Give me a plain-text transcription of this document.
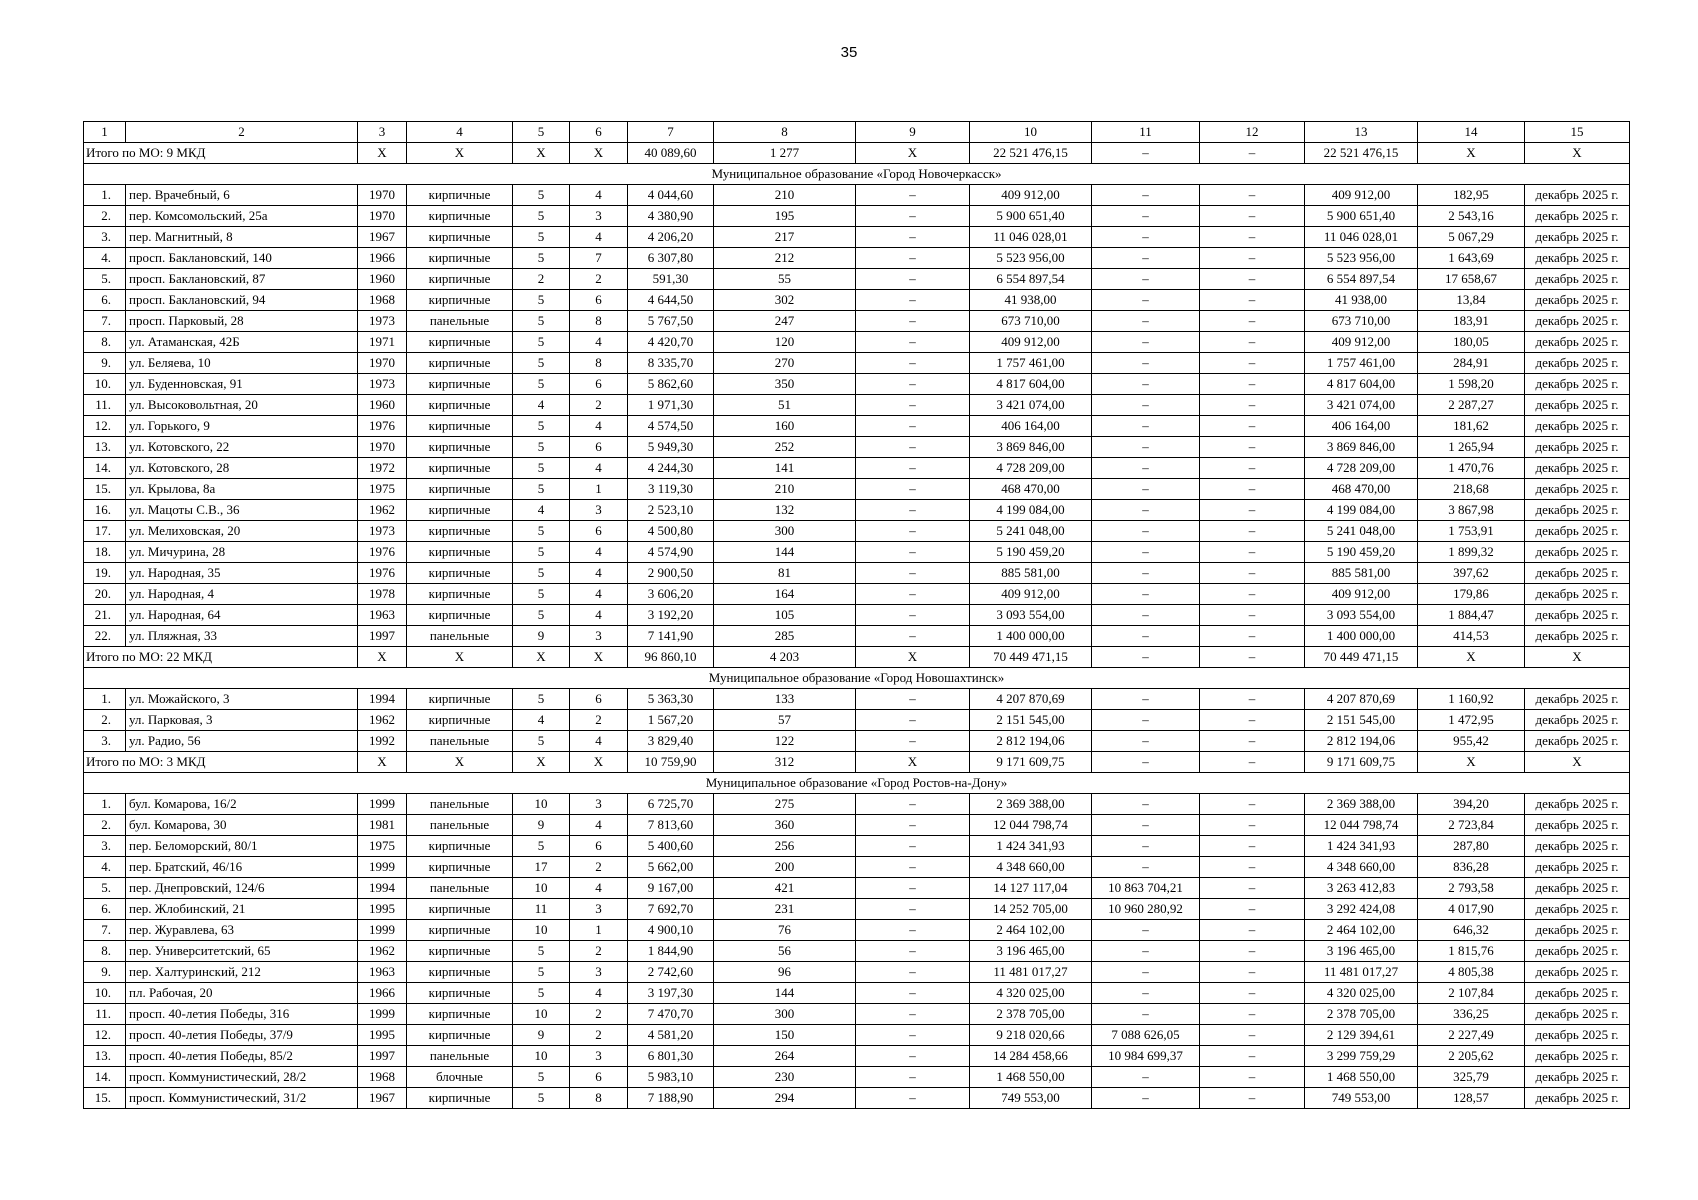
35
1	2	3	4	5	6	7	8	9	10	11	12	13	14	15
Итого по МО: 9 МКД		X	X	X	X	40 089,60	1 277	X	22 521 476,15	–	–	22 521 476,15	X	X
Муниципальное образование «Город Новочеркасск»														
1.	пер. Врачебный, 6	1970	кирпичные	5	4	4 044,60	210	–	409 912,00	–	–	409 912,00	182,95	декабрь 2025 г.
2.	пер. Комсомольский, 25а	1970	кирпичные	5	3	4 380,90	195	–	5 900 651,40	–	–	5 900 651,40	2 543,16	декабрь 2025 г.
3.	пер. Магнитный, 8	1967	кирпичные	5	4	4 206,20	217	–	11 046 028,01	–	–	11 046 028,01	5 067,29	декабрь 2025 г.
4.	просп. Баклановский, 140	1966	кирпичные	5	7	6 307,80	212	–	5 523 956,00	–	–	5 523 956,00	1 643,69	декабрь 2025 г.
5.	просп. Баклановский, 87	1960	кирпичные	2	2	591,30	55	–	6 554 897,54	–	–	6 554 897,54	17 658,67	декабрь 2025 г.
6.	просп. Баклановский, 94	1968	кирпичные	5	6	4 644,50	302	–	41 938,00	–	–	41 938,00	13,84	декабрь 2025 г.
7.	просп. Парковый, 28	1973	панельные	5	8	5 767,50	247	–	673 710,00	–	–	673 710,00	183,91	декабрь 2025 г.
8.	ул. Атаманская, 42Б	1971	кирпичные	5	4	4 420,70	120	–	409 912,00	–	–	409 912,00	180,05	декабрь 2025 г.
9.	ул. Беляева, 10	1970	кирпичные	5	8	8 335,70	270	–	1 757 461,00	–	–	1 757 461,00	284,91	декабрь 2025 г.
10.	ул. Буденновская, 91	1973	кирпичные	5	6	5 862,60	350	–	4 817 604,00	–	–	4 817 604,00	1 598,20	декабрь 2025 г.
11.	ул. Высоковольтная, 20	1960	кирпичные	4	2	1 971,30	51	–	3 421 074,00	–	–	3 421 074,00	2 287,27	декабрь 2025 г.
12.	ул. Горького, 9	1976	кирпичные	5	4	4 574,50	160	–	406 164,00	–	–	406 164,00	181,62	декабрь 2025 г.
13.	ул. Котовского, 22	1970	кирпичные	5	6	5 949,30	252	–	3 869 846,00	–	–	3 869 846,00	1 265,94	декабрь 2025 г.
14.	ул. Котовского, 28	1972	кирпичные	5	4	4 244,30	141	–	4 728 209,00	–	–	4 728 209,00	1 470,76	декабрь 2025 г.
15.	ул. Крылова, 8а	1975	кирпичные	5	1	3 119,30	210	–	468 470,00	–	–	468 470,00	218,68	декабрь 2025 г.
16.	ул. Мацоты С.В., 36	1962	кирпичные	4	3	2 523,10	132	–	4 199 084,00	–	–	4 199 084,00	3 867,98	декабрь 2025 г.
17.	ул. Мелиховская, 20	1973	кирпичные	5	6	4 500,80	300	–	5 241 048,00	–	–	5 241 048,00	1 753,91	декабрь 2025 г.
18.	ул. Мичурина, 28	1976	кирпичные	5	4	4 574,90	144	–	5 190 459,20	–	–	5 190 459,20	1 899,32	декабрь 2025 г.
19.	ул. Народная, 35	1976	кирпичные	5	4	2 900,50	81	–	885 581,00	–	–	885 581,00	397,62	декабрь 2025 г.
20.	ул. Народная, 4	1978	кирпичные	5	4	3 606,20	164	–	409 912,00	–	–	409 912,00	179,86	декабрь 2025 г.
21.	ул. Народная, 64	1963	кирпичные	5	4	3 192,20	105	–	3 093 554,00	–	–	3 093 554,00	1 884,47	декабрь 2025 г.
22.	ул. Пляжная, 33	1997	панельные	9	3	7 141,90	285	–	1 400 000,00	–	–	1 400 000,00	414,53	декабрь 2025 г.
Итого по МО: 22 МКД		X	X	X	X	96 860,10	4 203	X	70 449 471,15	–	–	70 449 471,15	X	X
Муниципальное образование «Город Новошахтинск»														
1.	ул. Можайского, 3	1994	кирпичные	5	6	5 363,30	133	–	4 207 870,69	–	–	4 207 870,69	1 160,92	декабрь 2025 г.
2.	ул. Парковая, 3	1962	кирпичные	4	2	1 567,20	57	–	2 151 545,00	–	–	2 151 545,00	1 472,95	декабрь 2025 г.
3.	ул. Радио, 56	1992	панельные	5	4	3 829,40	122	–	2 812 194,06	–	–	2 812 194,06	955,42	декабрь 2025 г.
Итого по МО: 3 МКД		X	X	X	X	10 759,90	312	X	9 171 609,75	–	–	9 171 609,75	X	X
Муниципальное образование «Город Ростов-на-Дону»														
1.	бул. Комарова, 16/2	1999	панельные	10	3	6 725,70	275	–	2 369 388,00	–	–	2 369 388,00	394,20	декабрь 2025 г.
2.	бул. Комарова, 30	1981	панельные	9	4	7 813,60	360	–	12 044 798,74	–	–	12 044 798,74	2 723,84	декабрь 2025 г.
3.	пер. Беломорский, 80/1	1975	кирпичные	5	6	5 400,60	256	–	1 424 341,93	–	–	1 424 341,93	287,80	декабрь 2025 г.
4.	пер. Братский, 46/16	1999	кирпичные	17	2	5 662,00	200	–	4 348 660,00	–	–	4 348 660,00	836,28	декабрь 2025 г.
5.	пер. Днепровский, 124/6	1994	панельные	10	4	9 167,00	421	–	14 127 117,04	10 863 704,21	–	3 263 412,83	2 793,58	декабрь 2025 г.
6.	пер. Жлобинский, 21	1995	кирпичные	11	3	7 692,70	231	–	14 252 705,00	10 960 280,92	–	3 292 424,08	4 017,90	декабрь 2025 г.
7.	пер. Журавлева, 63	1999	кирпичные	10	1	4 900,10	76	–	2 464 102,00	–	–	2 464 102,00	646,32	декабрь 2025 г.
8.	пер. Университетский, 65	1962	кирпичные	5	2	1 844,90	56	–	3 196 465,00	–	–	3 196 465,00	1 815,76	декабрь 2025 г.
9.	пер. Халтуринский, 212	1963	кирпичные	5	3	2 742,60	96	–	11 481 017,27	–	–	11 481 017,27	4 805,38	декабрь 2025 г.
10.	пл. Рабочая, 20	1966	кирпичные	5	4	3 197,30	144	–	4 320 025,00	–	–	4 320 025,00	2 107,84	декабрь 2025 г.
11.	просп. 40-летия Победы, 316	1999	кирпичные	10	2	7 470,70	300	–	2 378 705,00	–	–	2 378 705,00	336,25	декабрь 2025 г.
12.	просп. 40-летия Победы, 37/9	1995	кирпичные	9	2	4 581,20	150	–	9 218 020,66	7 088 626,05	–	2 129 394,61	2 227,49	декабрь 2025 г.
13.	просп. 40-летия Победы, 85/2	1997	панельные	10	3	6 801,30	264	–	14 284 458,66	10 984 699,37	–	3 299 759,29	2 205,62	декабрь 2025 г.
14.	просп. Коммунистический, 28/2	1968	блочные	5	6	5 983,10	230	–	1 468 550,00	–	–	1 468 550,00	325,79	декабрь 2025 г.
15.	просп. Коммунистический, 31/2	1967	кирпичные	5	8	7 188,90	294	–	749 553,00	–	–	749 553,00	128,57	декабрь 2025 г.
